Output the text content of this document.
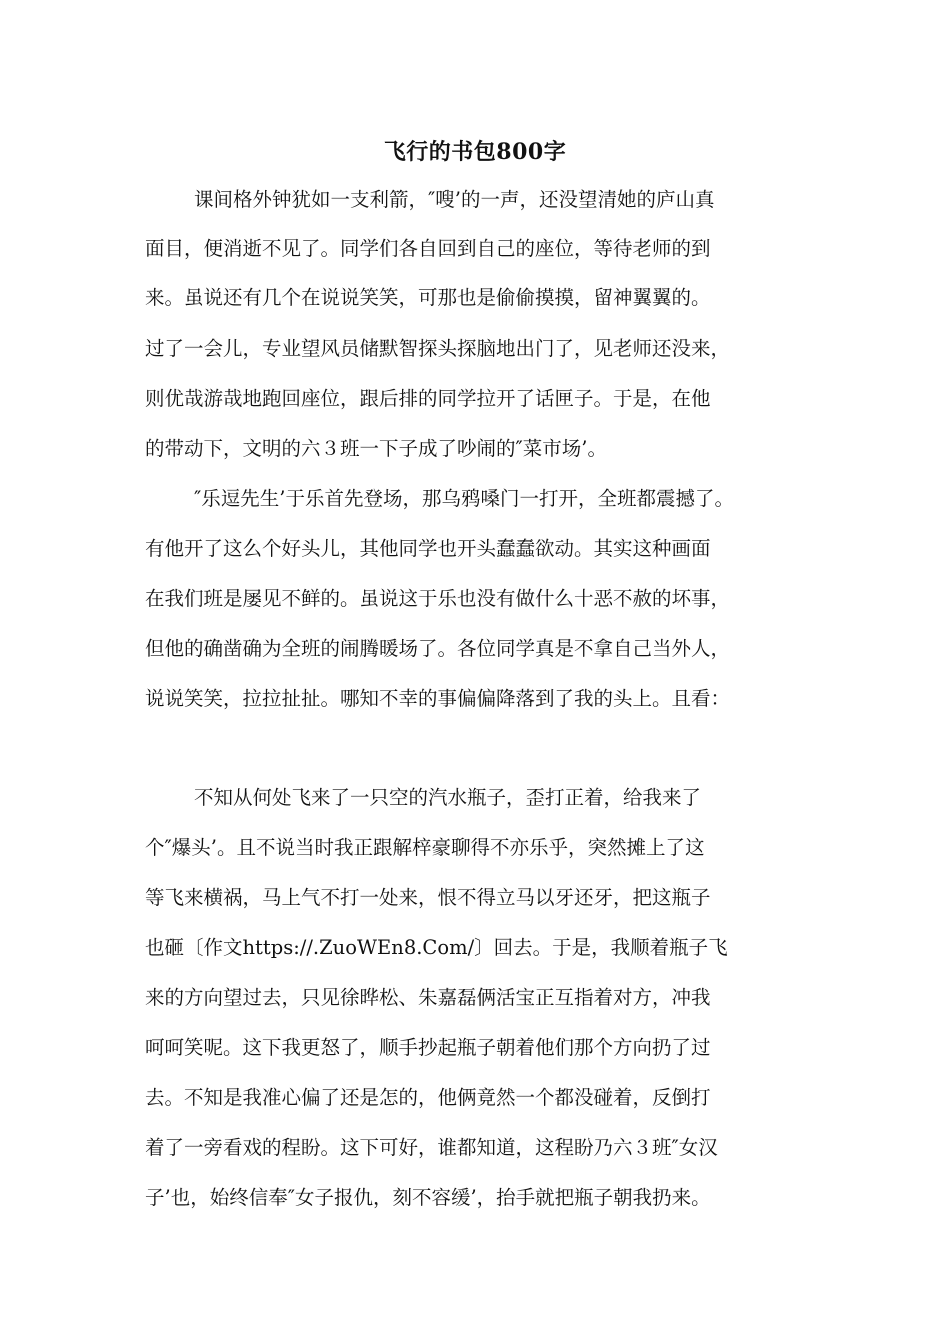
飞行的书包800字
课间格外钟犹如一支利箭，″嗖’的一声，还没望清她的庐山真
面目，便消逝不见了。同学们各自回到自己的座位，等待老师的到
来。虽说还有几个在说说笑笑，可那也是偷偷摸摸，留神翼翼的。
过了一会儿，专业望风员储默智探头探脑地出门了，见老师还没来，
则优哉游哉地跑回座位，跟后排的同学拉开了话匣子。于是，在他
的带动下，文明的六３班一下子成了吵闹的″菜市场’。
″乐逗先生’于乐首先登场，那乌鸦嗓门一打开，全班都震撼了。
有他开了这么个好头儿，其他同学也开头蠢蠢欲动。其实这种画面
在我们班是屡见不鲜的。虽说这于乐也没有做什么十恶不赦的坏事，
但他的确凿确为全班的闹腾暖场了。各位同学真是不拿自己当外人，
说说笑笑，拉拉扯扯。哪知不幸的事偏偏降落到了我的头上。且看：
不知从何处飞来了一只空的汽水瓶子，歪打正着，给我来了
个″爆头’。且不说当时我正跟解梓豪聊得不亦乐乎，突然摊上了这
等飞来横祸，马上气不打一处来，恨不得立马以牙还牙，把这瓶子
也砸〔作文https://.ZuoWEn8.Com/〕回去。于是，我顺着瓶子飞
来的方向望过去，只见徐晔松、朱嘉磊俩活宝正互指着对方，冲我
呵呵笑呢。这下我更怒了，顺手抄起瓶子朝着他们那个方向扔了过
去。不知是我准心偏了还是怎的，他俩竟然一个都没碰着，反倒打
着了一旁看戏的程盼。这下可好，谁都知道，这程盼乃六３班″女汉
子’也，始终信奉″女子报仇，刻不容缓’，抬手就把瓶子朝我扔来。
